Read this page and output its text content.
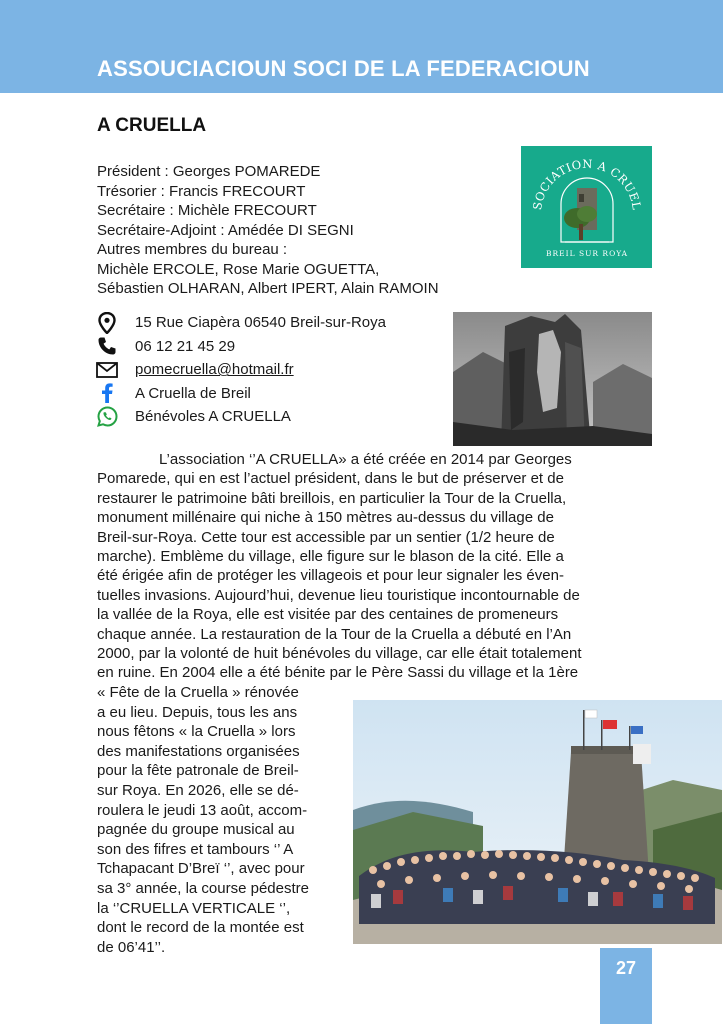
ASSOUCIACIOUN SOCI DE LA FEDERACIOUN
A CRUELLA
Président : Georges POMAREDE
Trésorier : Francis FRECOURT
Secrétaire : Michèle FRECOURT
Secrétaire-Adjoint : Amédée DI SEGNI
Autres membres du bureau :
Michèle ERCOLE, Rose Marie OGUETTA,
Sébastien OLHARAN, Albert IPERT, Alain RAMOIN
SOCIATION A CRUEL
BREIL SUR ROYA
15 Rue Ciapèra 06540 Breil-sur-Roya
06 12 21 45 29
pomecruella@hotmail.fr
A Cruella de Breil
Bénévoles A CRUELLA
L’association ‘’A CRUELLA» a été créée en 2014 par Georges
Pomarede, qui en est l’actuel président, dans le but de préserver et de
restaurer le patrimoine bâti breillois, en particulier la Tour de la Cruella,
monument millénaire qui niche à 150 mètres au-dessus du village de
Breil-sur-Roya. Cette tour est accessible par un sentier (1/2 heure de
marche). Emblème du village, elle figure sur le blason de la cité. Elle a
été érigée afin de protéger les villageois et pour leur signaler les éven-
tuelles invasions. Aujourd’hui, devenue lieu touristique incontournable de
la vallée de la Roya, elle est visitée par des centaines de promeneurs
chaque année. La restauration de la Tour de la Cruella a débuté en l’An
2000, par la volonté de huit bénévoles du village, car elle était totalement
en ruine. En 2004 elle a été bénite par le Père Sassi du village et la 1ère
« Fête de la Cruella » rénovée
a eu lieu. Depuis, tous les ans
nous fêtons « la Cruella » lors
des manifestations organisées
pour la fête patronale de Breil-
sur Roya. En 2026, elle se dé-
roulera le jeudi 13 août, accom-
pagnée du groupe musical au
son des fifres et tambours ‘’ A
Tchapacant D’Breï ‘’, avec pour
sa 3° année, la course pédestre
la ‘’CRUELLA VERTICALE ‘’,
dont le record de la montée est
de 06’41’’.
27
